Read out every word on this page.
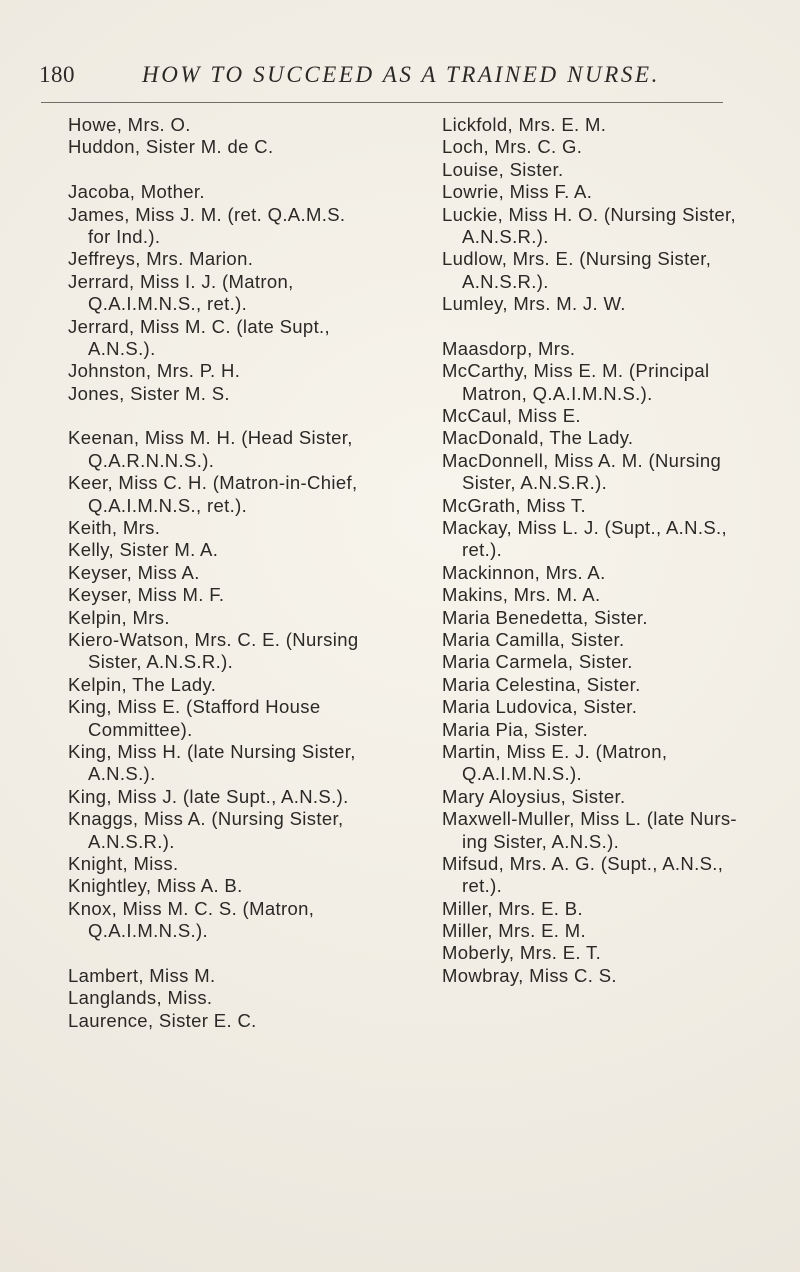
180	HOW TO SUCCEED AS A TRAINED NURSE.
Howe, Mrs. O.
Huddon, Sister M. de C.
Jacoba, Mother.
James, Miss J. M. (ret. Q.A.M.S.
for Ind.).
Jeffreys, Mrs. Marion.
Jerrard, Miss I. J. (Matron,
Q.A.I.M.N.S., ret.).
Jerrard, Miss M. C. (late Supt.,
A.N.S.).
Johnston, Mrs. P. H.
Jones, Sister M. S.
Keenan, Miss M. H. (Head Sister,
Q.A.R.N.N.S.).
Keer, Miss C. H. (Matron-in-Chief,
Q.A.I.M.N.S., ret.).
Keith, Mrs.
Kelly, Sister M. A.
Keyser, Miss A.
Keyser, Miss M. F.
Kelpin, Mrs.
Kiero-Watson, Mrs. C. E. (Nursing
Sister, A.N.S.R.).
Kelpin, The Lady.
King, Miss E. (Stafford House
Committee).
King, Miss H. (late Nursing Sister,
A.N.S.).
King, Miss J. (late Supt., A.N.S.).
Knaggs, Miss A. (Nursing Sister,
A.N.S.R.).
Knight, Miss.
Knightley, Miss A. B.
Knox, Miss M. C. S. (Matron,
Q.A.I.M.N.S.).
Lambert, Miss M.
Langlands, Miss.
Laurence, Sister E. C.
Lickfold, Mrs. E. M.
Loch, Mrs. C. G.
Louise, Sister.
Lowrie, Miss F. A.
Luckie, Miss H. O. (Nursing Sister,
A.N.S.R.).
Ludlow, Mrs. E. (Nursing Sister,
A.N.S.R.).
Lumley, Mrs. M. J. W.
Maasdorp, Mrs.
McCarthy, Miss E. M. (Principal
Matron, Q.A.I.M.N.S.).
McCaul, Miss E.
MacDonald, The Lady.
MacDonnell, Miss A. M. (Nursing
Sister, A.N.S.R.).
McGrath, Miss T.
Mackay, Miss L. J. (Supt., A.N.S.,
ret.).
Mackinnon, Mrs. A.
Makins, Mrs. M. A.
Maria Benedetta, Sister.
Maria Camilla, Sister.
Maria Carmela, Sister.
Maria Celestina, Sister.
Maria Ludovica, Sister.
Maria Pia, Sister.
Martin, Miss E. J. (Matron,
Q.A.I.M.N.S.).
Mary Aloysius, Sister.
Maxwell-Muller, Miss L. (late Nurs-
ing Sister, A.N.S.).
Mifsud, Mrs. A. G. (Supt., A.N.S.,
ret.).
Miller, Mrs. E. B.
Miller, Mrs. E. M.
Moberly, Mrs. E. T.
Mowbray, Miss C. S.
